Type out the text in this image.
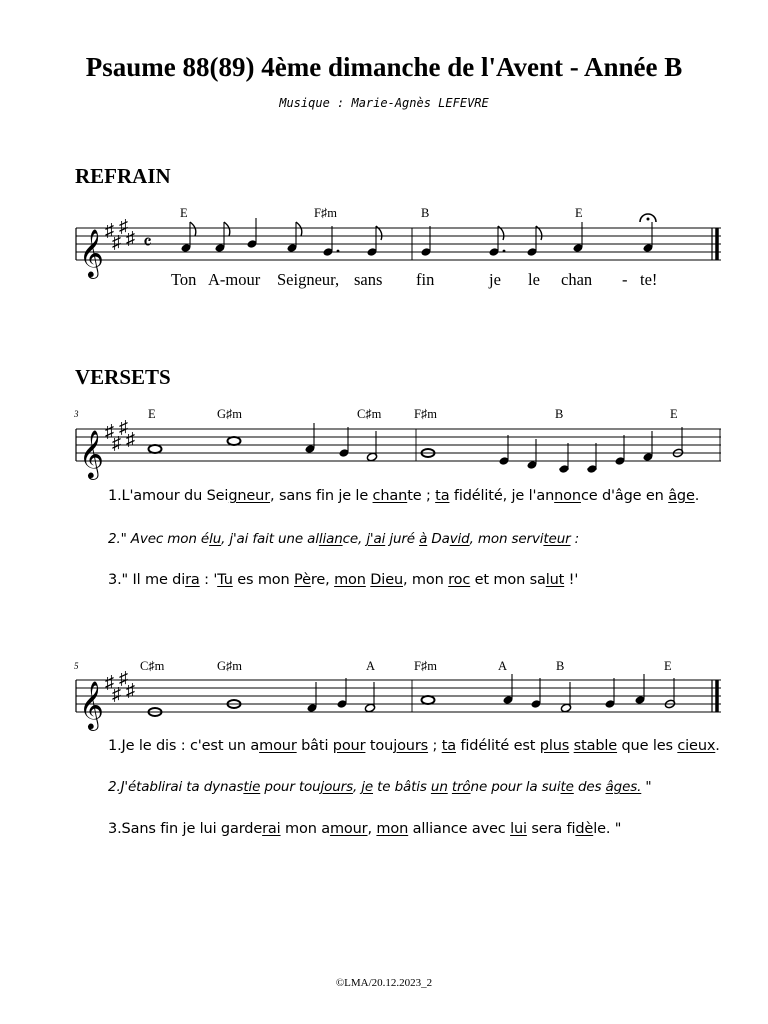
Psaume 88(89) 4ème dimanche de l'Avent - Année B
Musique : Marie-Agnès LEFEVRE
REFRAIN
VERSETS
𝄞
♯
♯
♯
♯ 𝄴
E	F♯m	B	E
Ton A-mour Seigneur, sans fin	je le chan - te!
3
𝄞
♯
♯
♯
♯
E	G♯m	C♯m	F♯m	B	E
5
𝄞
♯
♯
♯
♯
C♯m	G♯m	A	F♯m	A	B	E
1.L'amour du Seigneur, sans fin je le chante ; ta fidélité, je l'annonce d'âge en âge.
2." Avec mon élu, j'ai fait une alliance, j'ai juré à David, mon serviteur :
3." Il me dira : 'Tu es mon Père, mon Dieu, mon roc et mon salut !'
1.Je le dis : c'est un amour bâti pour toujours ; ta fidélité est plus stable que les cieux.
2.J'établirai ta dynastie pour toujours, je te bâtis un trône pour la suite des âges. "
3.Sans fin je lui garderai mon amour, mon alliance avec lui sera fidèle. "
©LMA/20.12.2023_2
